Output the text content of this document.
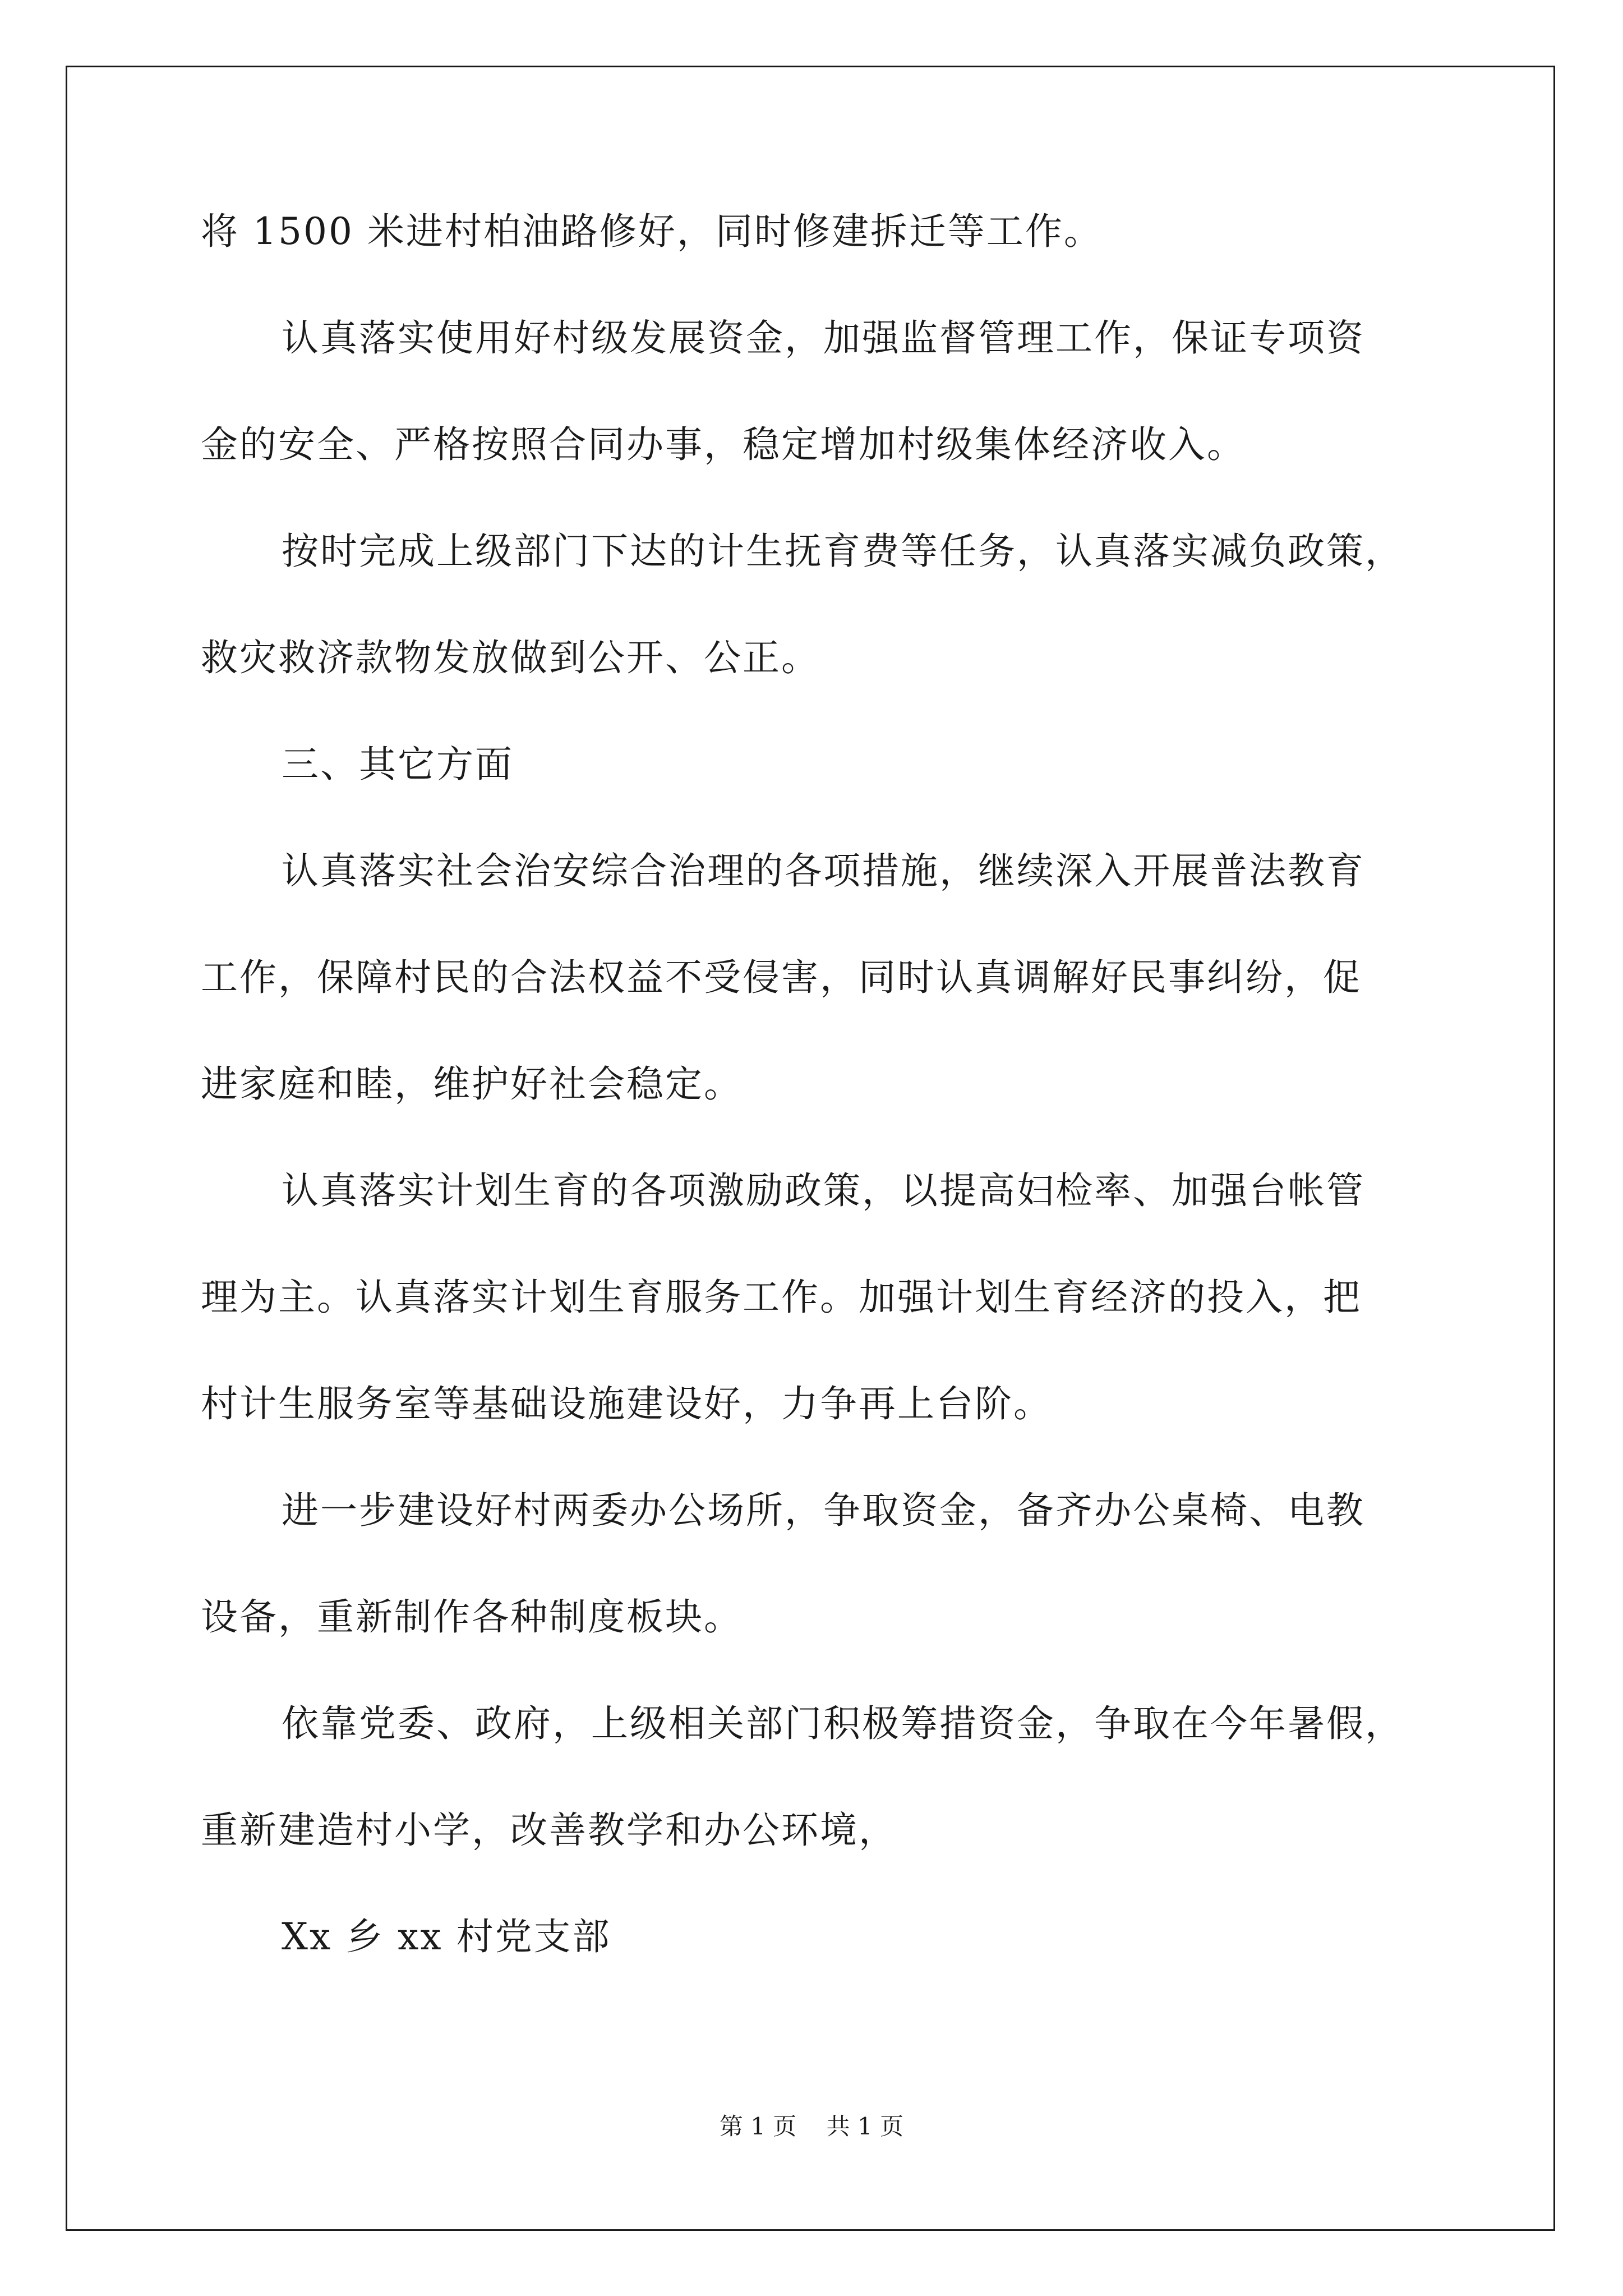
将 1500 米进村柏油路修好，同时修建拆迁等工作。
认真落实使用好村级发展资金，加强监督管理工作，保证专项资
金的安全、严格按照合同办事，稳定增加村级集体经济收入。
按时完成上级部门下达的计生抚育费等任务，认真落实减负政策，
救灾救济款物发放做到公开、公正。
三、其它方面
认真落实社会治安综合治理的各项措施，继续深入开展普法教育
工作，保障村民的合法权益不受侵害，同时认真调解好民事纠纷，促
进家庭和睦，维护好社会稳定。
认真落实计划生育的各项激励政策，以提高妇检率、加强台帐管
理为主。认真落实计划生育服务工作。加强计划生育经济的投入，把
村计生服务室等基础设施建设好，力争再上台阶。
进一步建设好村两委办公场所，争取资金，备齐办公桌椅、电教
设备，重新制作各种制度板块。
依靠党委、政府，上级相关部门积极筹措资金，争取在今年暑假，
重新建造村小学，改善教学和办公环境，
Xx 乡 xx 村党支部
第 1 页 共 1 页
